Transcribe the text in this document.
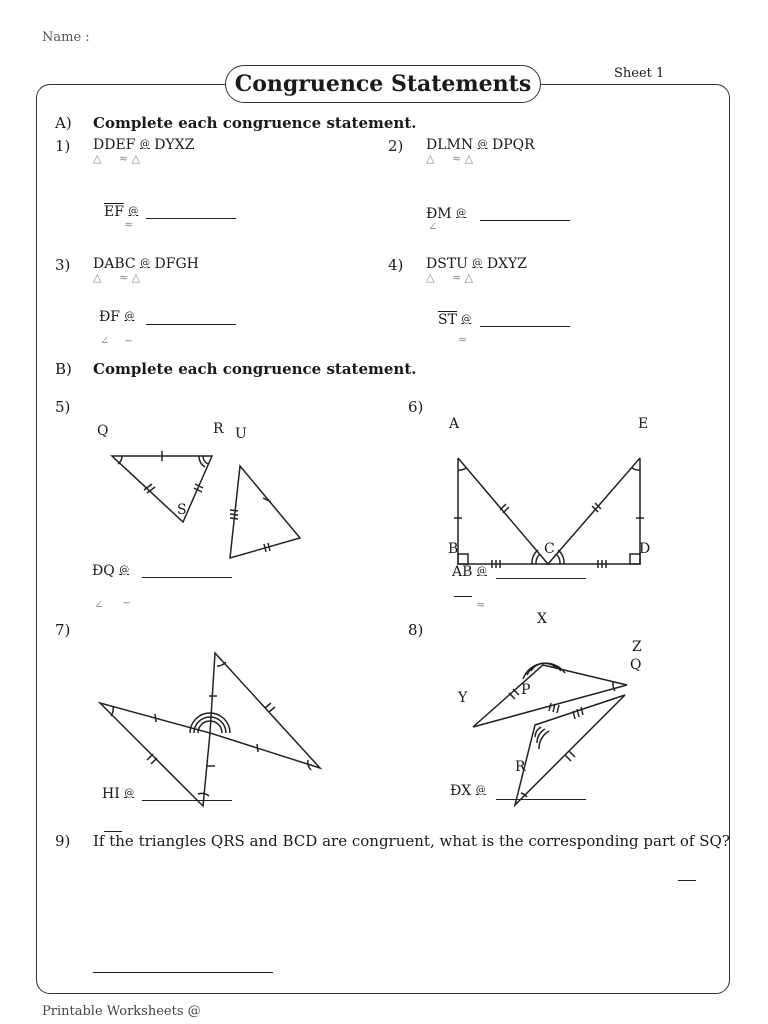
Name :
Sheet 1
Congruence Statements
A) Complete each congruence statement.
1) DDEF @ DYXZ
△ ≈ △
$\overline{EF}$ @
≈
2) DLMN @ DPQR
△ ≈ △
ĐM @
∠
3) DABC @ DFGH
△ ≈ △
ĐF @
∠ ~
4) DSTU @ DXYZ
△ ≈ △
$\overline{ST}$ @
≈
B) Complete each congruence statement.
5)
Q	R U
S
ĐQ @
∠ ~
6)
A	E
B	C	D
AB @
≈
7)
HI @
8)
X
Z
Q
Y	P
R
ĐX @
9) If the triangles QRS and BCD are congruent, what is the corresponding part of SQ?
Printable Worksheets @
